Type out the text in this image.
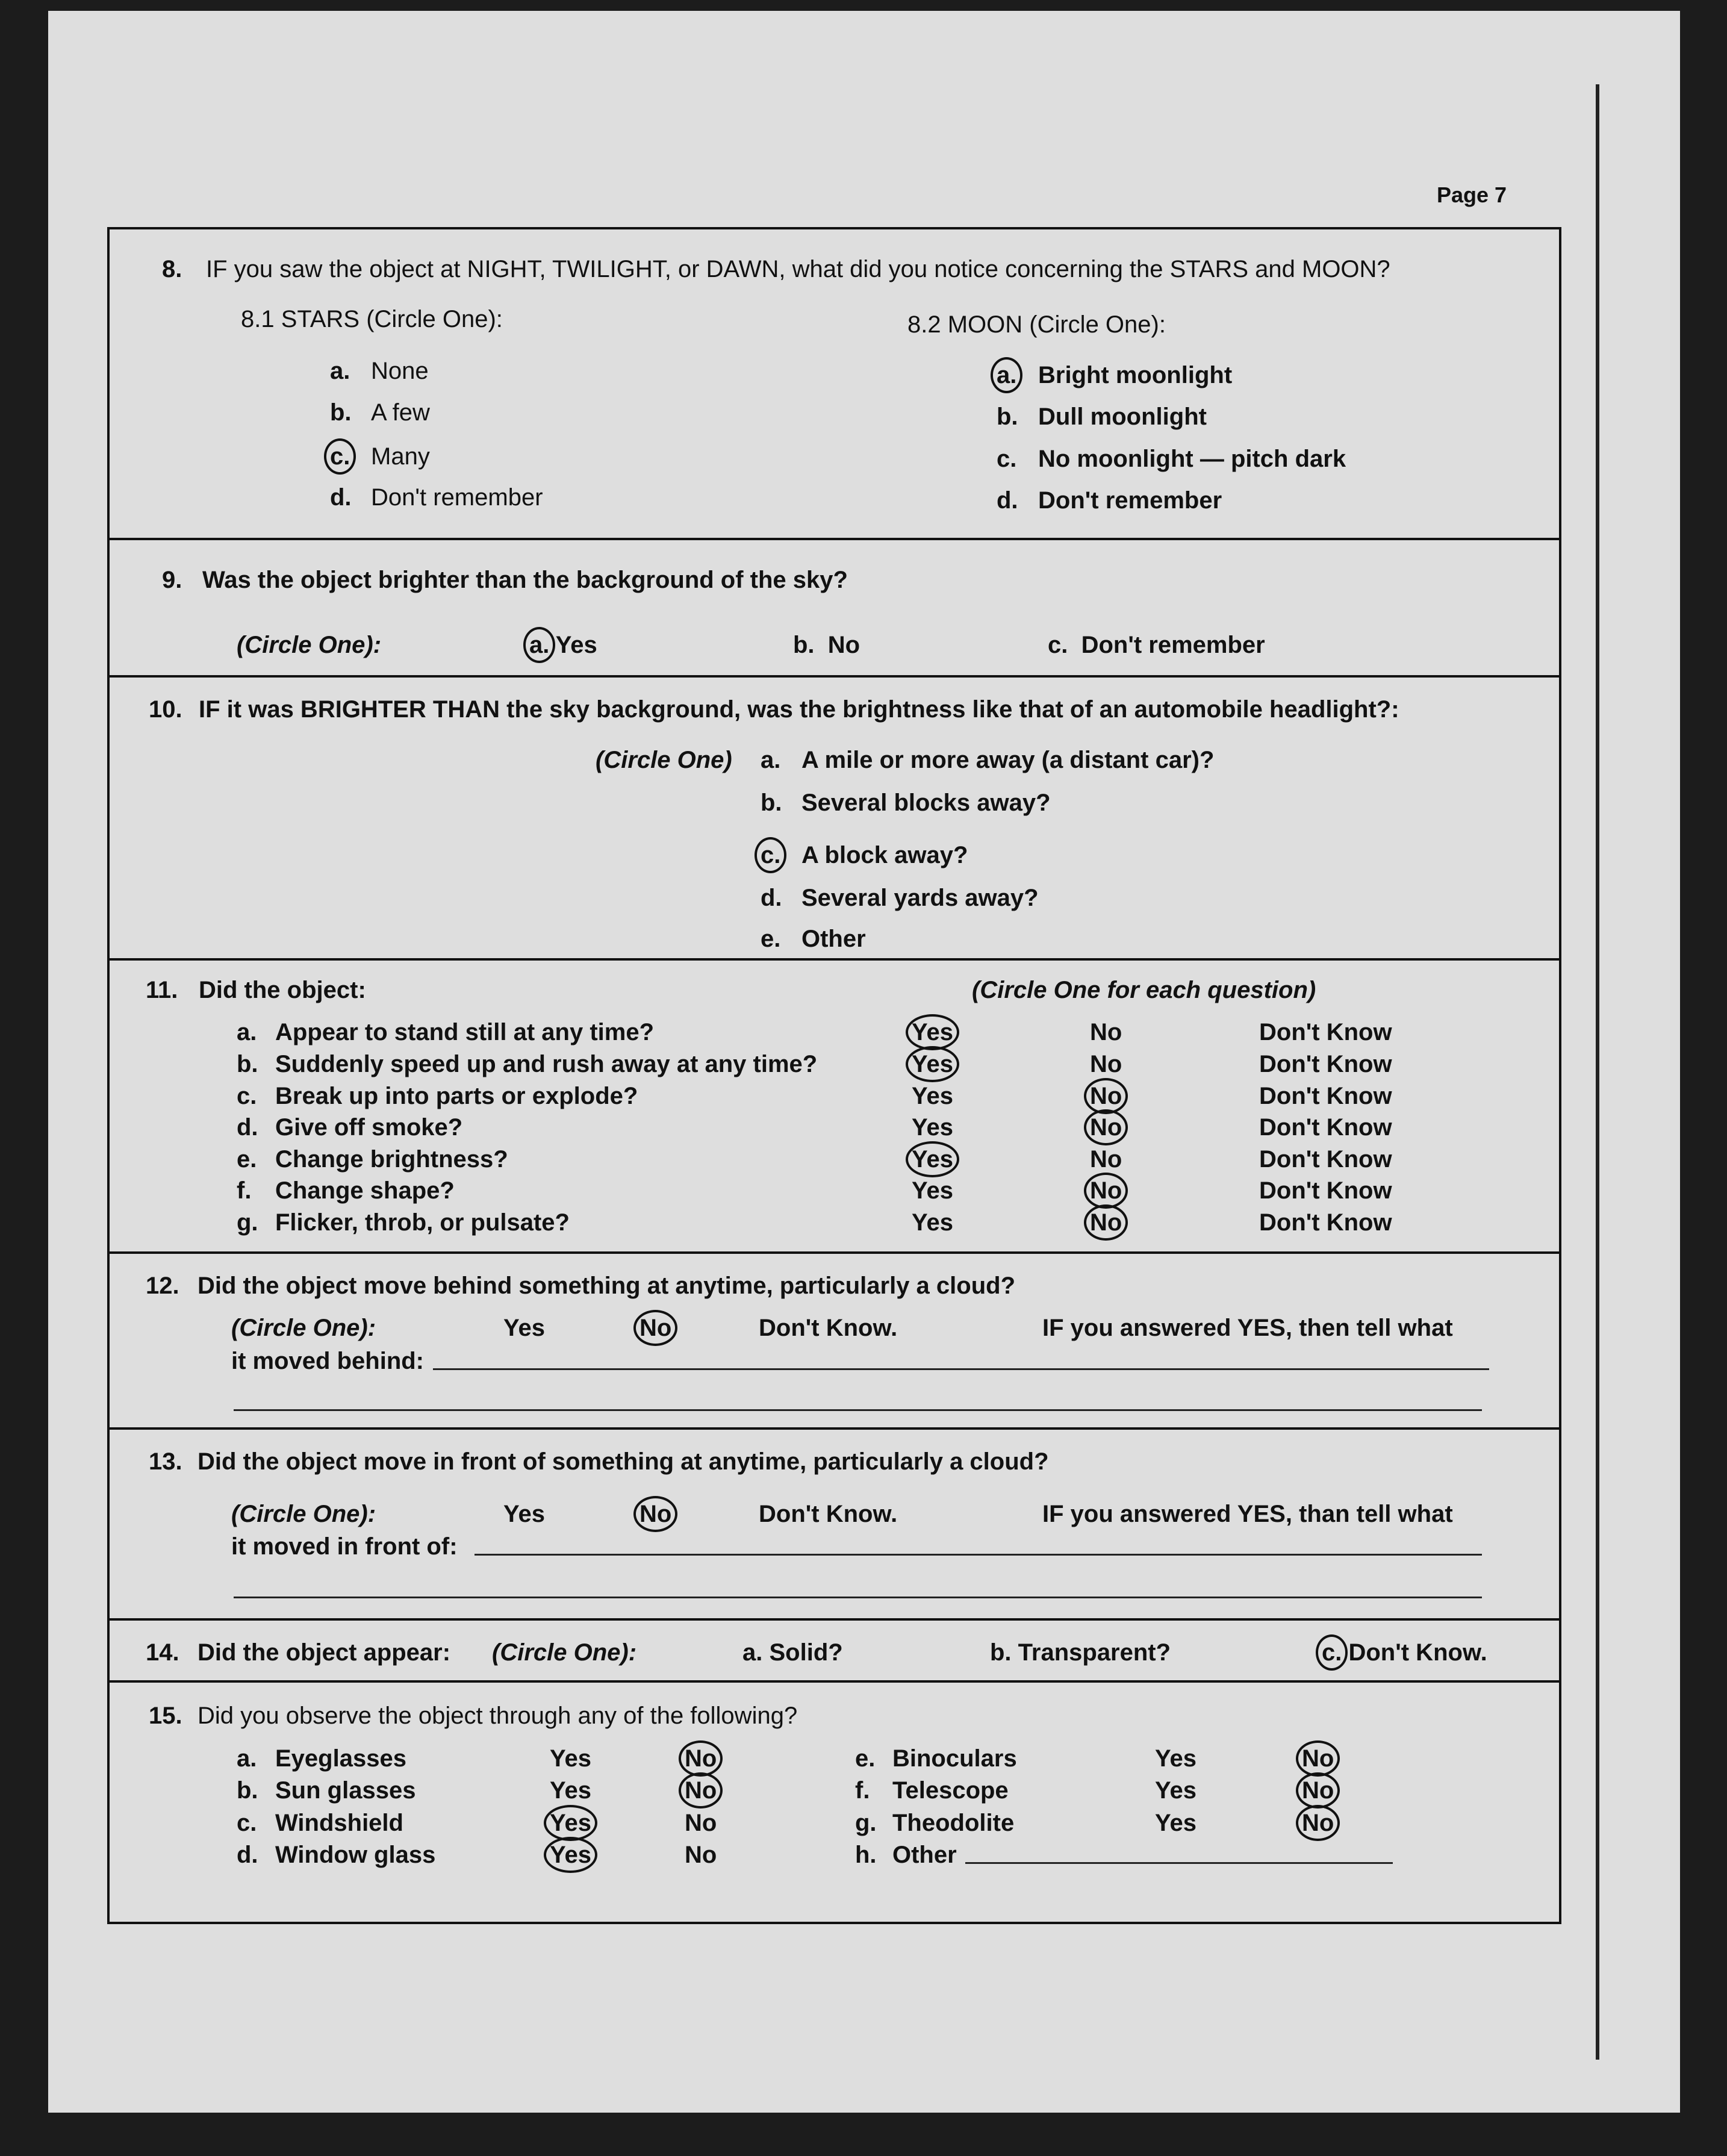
Page 7
8. IF you saw the object at NIGHT, TWILIGHT, or DAWN, what did you notice concerning the STARS and MOON?
8.1 STARS (Circle One):
a. None
b. A few
c. Many
d. Don't remember
8.2 MOON (Circle One):
a. Bright moonlight
b. Dull moonlight
c. No moonlight — pitch dark
d. Don't remember
9. Was the object brighter than the background of the sky?
(Circle One):	a. Yes	b. No	c. Don't remember
10. IF it was BRIGHTER THAN the sky background, was the brightness like that of an automobile headlight?:
(Circle One) a. A mile or more away (a distant car)?
b. Several blocks away?
c. A block away?
d. Several yards away?
e. Other
11. Did the object:	(Circle One for each question)
a. Appear to stand still at any time?	Yes	No	Don't Know
b. Suddenly speed up and rush away at any time?	Yes	No	Don't Know
c. Break up into parts or explode?	Yes	No	Don't Know
d. Give off smoke?	Yes	No	Don't Know
e. Change brightness?	Yes	No	Don't Know
f. Change shape?	Yes	No	Don't Know
g. Flicker, throb, or pulsate?	Yes	No	Don't Know
12. Did the object move behind something at anytime, particularly a cloud?
(Circle One):	Yes	No	Don't Know.	IF you answered YES, then tell what
it moved behind:
13. Did the object move in front of something at anytime, particularly a cloud?
(Circle One):	Yes	No	Don't Know.	IF you answered YES, than tell what
it moved in front of:
14. Did the object appear: (Circle One):	a. Solid?	b. Transparent?	c. Don't Know.
15. Did you observe the object through any of the following?
a. Eyeglasses	Yes	No
b. Sun glasses	Yes	No
c. Windshield	Yes	No
d. Window glass	Yes	No
e. Binoculars	Yes	No
f. Telescope	Yes	No
g. Theodolite	Yes	No
h. Other
